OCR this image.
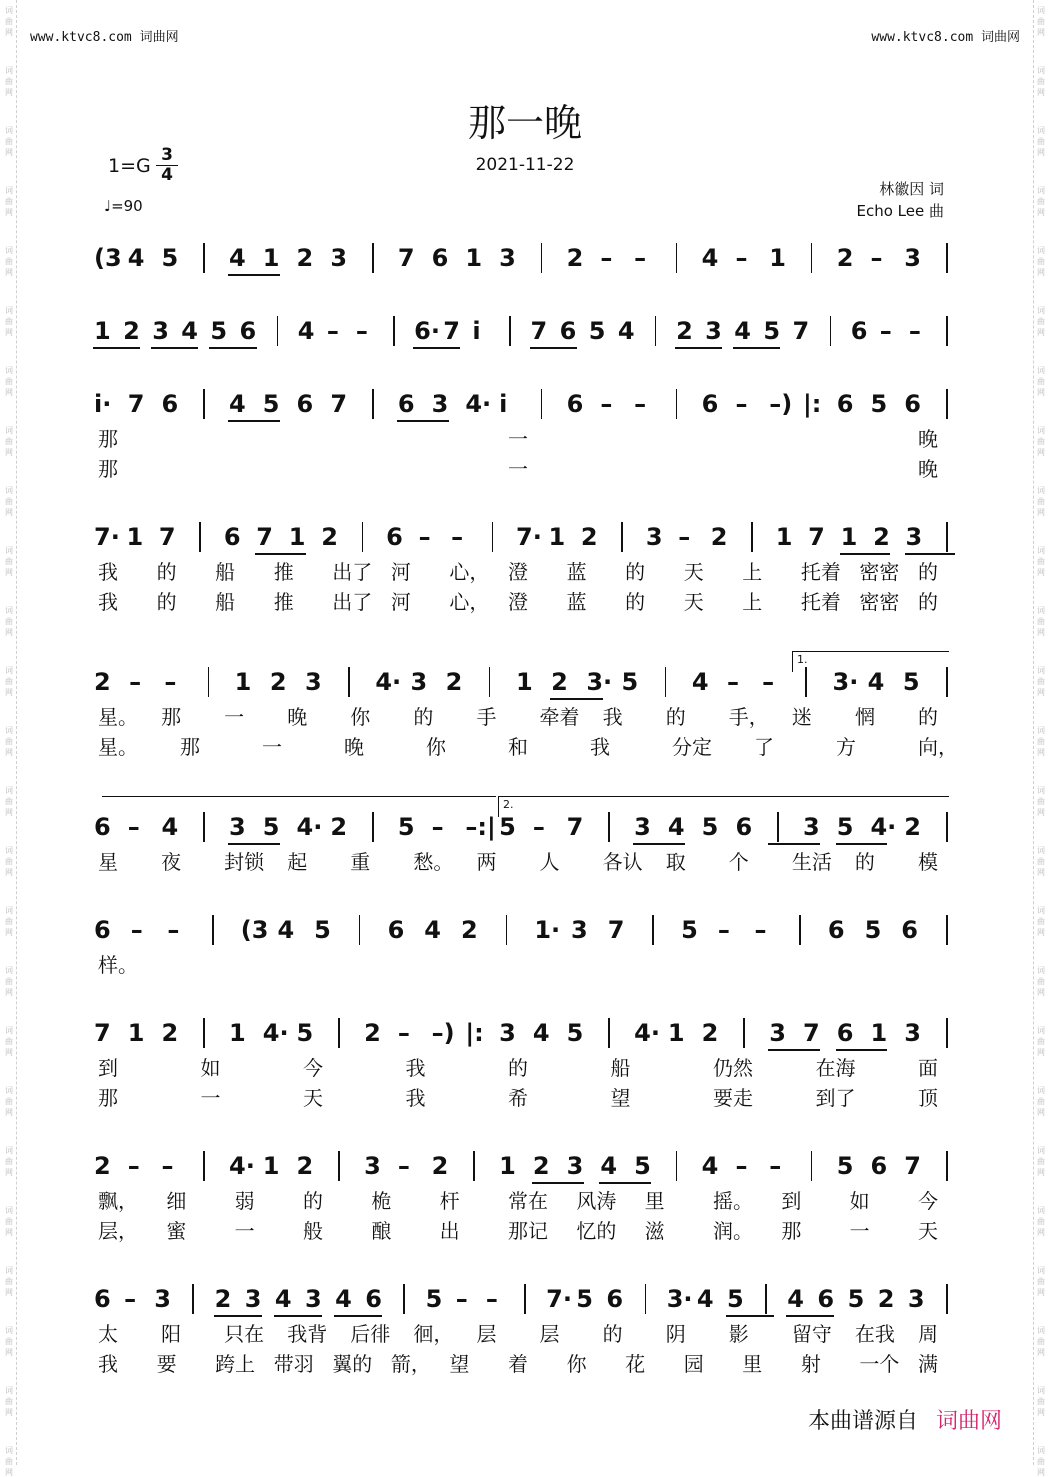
词
曲
网
词
曲
网
词
曲
网
词
曲
网
词
曲
网
词
曲
网
词
曲
网
词
曲
网
词
曲
网
词
曲
网
词
曲
网
词
曲
网
词
曲
网
词
曲
网
词
曲
网
词
曲
网
词
曲
网
词
曲
网
词
曲
网
词
曲
网
词
曲
网
词
曲
网
词
曲
网
词
曲
网
词
曲
网
词
曲
网
词
曲
网
词
曲
网
词
曲
网
词
曲
网
词
曲
网
词
曲
网
词
曲
网
词
曲
网
词
曲
网
词
曲
网
词
曲
网
词
曲
网
词
曲
网
词
曲
网
词
曲
网
词
曲
网
词
曲
网
词
曲
网
词
曲
网
词
曲
网
词
曲
网
词
曲
网
词
曲
网
词
曲
网
www.ktvc8.com 词曲网	www.ktvc8.com 词曲网
那一晚
2021-11-22
1=G 3
4
♩=90
林徽因 词
Echo Lee 曲
(3 4 5 4 1 2 3 7 6 1 3 2 – – 4 – 1 2 – 3
1 2 3 4 5 6 4 – – 6· 7 i 7 6 5 4 2 3 4 5 7 6 – –
i· 7 6 4 5 6 7 6 3 4· i 6 – – 6 – –) |: 6 5 6
那	一	晚
那	一	晚
7· 1 7 6 7 1 2 6 – – 7· 1 2 3 – 2 1 7 1 2 3
我 的 船 推 出了 河 心， 澄 蓝 的 天 上 托着 密密 的
我 的 船 推 出了 河 心， 澄 蓝 的 天 上 托着 密密 的
2 – – 1 2 3 4· 3 2 1 2 3· 5 4 – – 3· 4 5
星。 那 一 晚 你 的 手 牵着 我 的 手， 迷 惘 的
星。 那	一	晚	你	和	我	分定 了	方	向，
1.
6 – 4 3 5 4· 2 5 – –:| 5 – 7 3 4 5 6 3 5 4· 2
星 夜 封锁 起 重 愁。 两 人 各认 取 个 生活 的 模
2.
6 – –	(3 4 5 6 4 2 1· 3 7 5 – –	6 5 6
样。
7 1 2 1 4· 5 2 – –) |: 3 4 5 4· 1 2 3 7 6 1 3
到	如	今	我	的	船	仍然	在海	面
那	一	天	我	希	望	要走	到了	顶
2 – – 4· 1 2 3 – 2 1 2 3 4 5 4 – – 5 6 7
飘， 细 弱 的 桅 杆 常在 风涛 里 摇。 到 如 今
层， 蜜 一 般 酿 出 那记 忆的 滋 润。 那 一 天
6 – 3 2 3 4 3 4 6 5 – – 7· 5 6 3· 4 5 4 6 5 2 3
太 阳 只在 我背 后徘 徊， 层 层 的 阴 影 留守 在我 周
我 要 跨上 带羽 翼的 箭， 望 着 你 花 园 里 射 一个 满
本曲谱源自 词曲网
